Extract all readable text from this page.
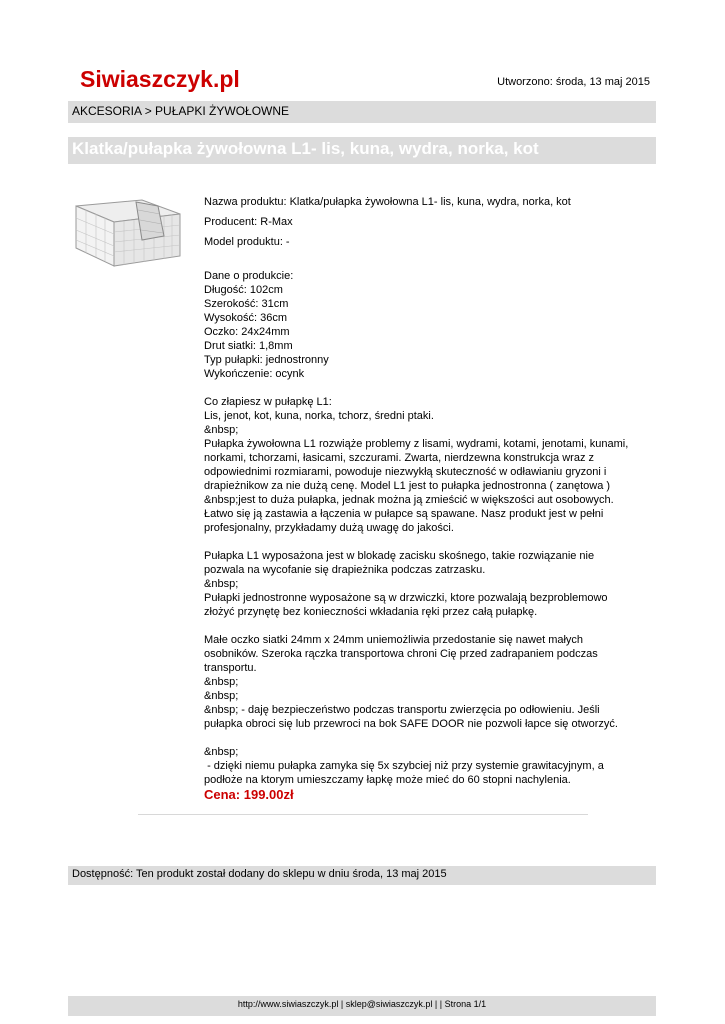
Siwiaszczyk.pl	Utworzono: środa, 13 maj 2015
AKCESORIA > PUŁAPKI ŻYWOŁOWNE
Klatka/pułapka żywołowna L1- lis, kuna, wydra, norka, kot
Nazwa produktu: Klatka/pułapka żywołowna L1- lis, kuna, wydra, norka, kot
Producent: R-Max
Model produktu: -

Dane o produkcie:
Długość: 102cm
Szerokość: 31cm
Wysokość: 36cm
Oczko: 24x24mm
Drut siatki: 1,8mm
Typ pułapki: jednostronny
Wykończenie: ocynk

Co złapiesz w pułapkę L1:
Lis, jenot, kot, kuna, norka, tchorz, średni ptaki.
&nbsp;
Pułapka żywołowna L1 rozwiąże problemy z lisami, wydrami, kotami, jenotami, kunami,
norkami, tchorzami, łasicami, szczurami. Zwarta, nierdzewna konstrukcja wraz z
odpowiednimi rozmiarami, powoduje niezwykłą skuteczność w odławianiu gryzoni i
drapieżnikow za nie dużą cenę. Model L1 jest to pułapka jednostronna ( zanętowa )
&nbsp;jest to duża pułapka, jednak można ją zmieścić w większości aut osobowych.
Łatwo się ją zastawia a łączenia w pułapce są spawane. Nasz produkt jest w pełni
profesjonalny, przykładamy dużą uwagę do jakości.

Pułapka L1 wyposażona jest w blokadę zacisku skośnego, takie rozwiązanie nie
pozwala na wycofanie się drapieżnika podczas zatrzasku.
&nbsp;
Pułapki jednostronne wyposażone są w drzwiczki, ktore pozwalają bezproblemowo
złożyć przynętę bez konieczności wkładania ręki przez całą pułapkę.

Małe oczko siatki 24mm x 24mm uniemożliwia przedostanie się nawet małych
osobników. Szeroka rączka transportowa chroni Cię przed zadrapaniem podczas
transportu.
&nbsp;
&nbsp;
&nbsp; - daję bezpieczeństwo podczas transportu zwierzęcia po odłowieniu. Jeśli
pułapka obroci się lub przewroci na bok SAFE DOOR nie pozwoli łapce się otworzyć.

&nbsp;
- dzięki niemu pułapka zamyka się 5x szybciej niż przy systemie grawitacyjnym, a
podłoże na ktorym umieszczamy łapkę może mieć do 60 stopni nachylenia.
Cena: 199.00zł
Dostępność: Ten produkt został dodany do sklepu w dniu środa, 13 maj 2015
http://www.siwiaszczyk.pl | sklep@siwiaszczyk.pl | | Strona 1/1
